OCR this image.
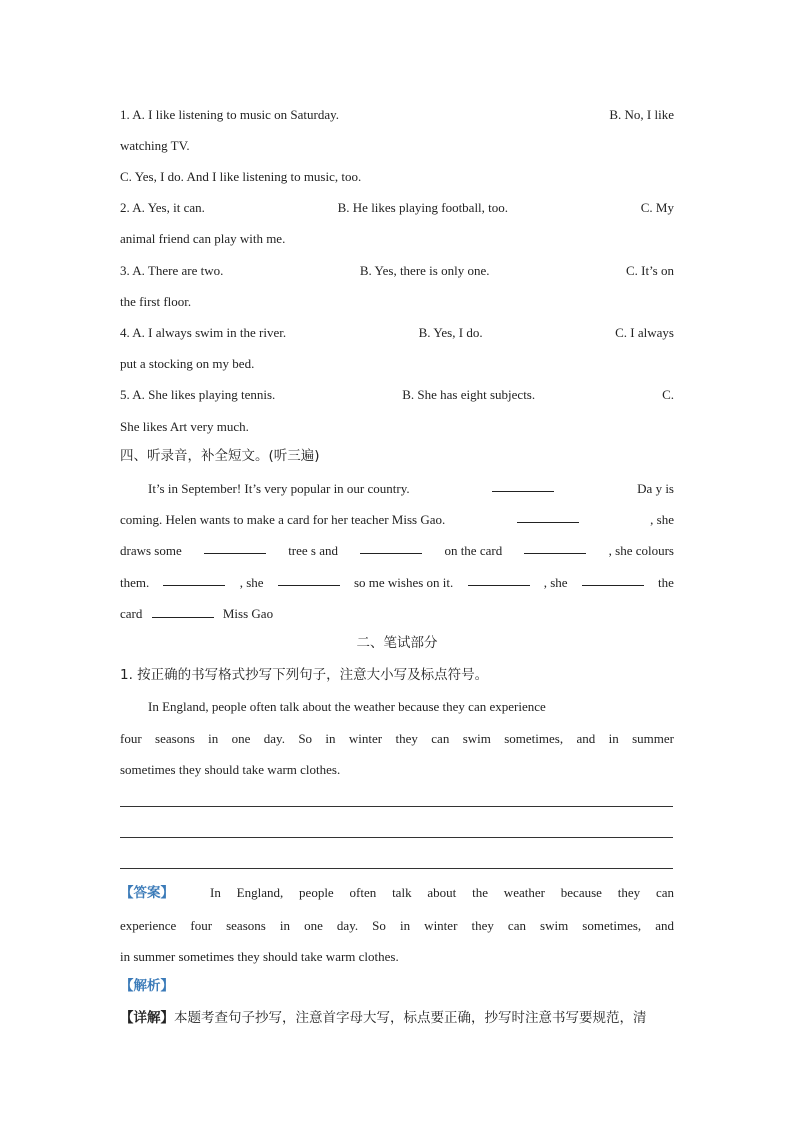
1. A. I like listening to music on Saturday.	B. No, I like
watching TV.
C. Yes, I do. And I like listening to music, too.
2. A. Yes, it can.	B. He likes playing football, too.	C. My
animal friend can play with me.
3. A. There are two.	B. Yes, there is only one.	C. It’s on
the first floor.
4. A. I always swim in the river.	B. Yes, I do.	C. I always
put a stocking on my bed.
5. A. She likes playing tennis.	B. She has eight subjects.	C.
She likes Art very much.
四、听录音，补全短文。(听三遍)
It’s in September! It’s very popular in our country.	Da y is
coming. Helen wants to make a card for her teacher Miss Gao.	, she
draws some	tree s and	on the card	, she colours
them.	, she	so me wishes on it.	, she	the
card	Miss Gao
二、笔试部分
1. 按正确的书写格式抄写下列句子，注意大小写及标点符号。
In England, people often talk about the weather because they can experience
four seasons in one day. So in winter they can swim sometimes, and in summer
sometimes they should take warm clothes.
【答案】	In England, people often talk about the weather because they can
experience four seasons in one day. So in winter they can swim sometimes, and
in summer sometimes they should take warm clothes.
【解析】
【详解】本题考查句子抄写，注意首字母大写，标点要正确，抄写时注意书写要规范，清
